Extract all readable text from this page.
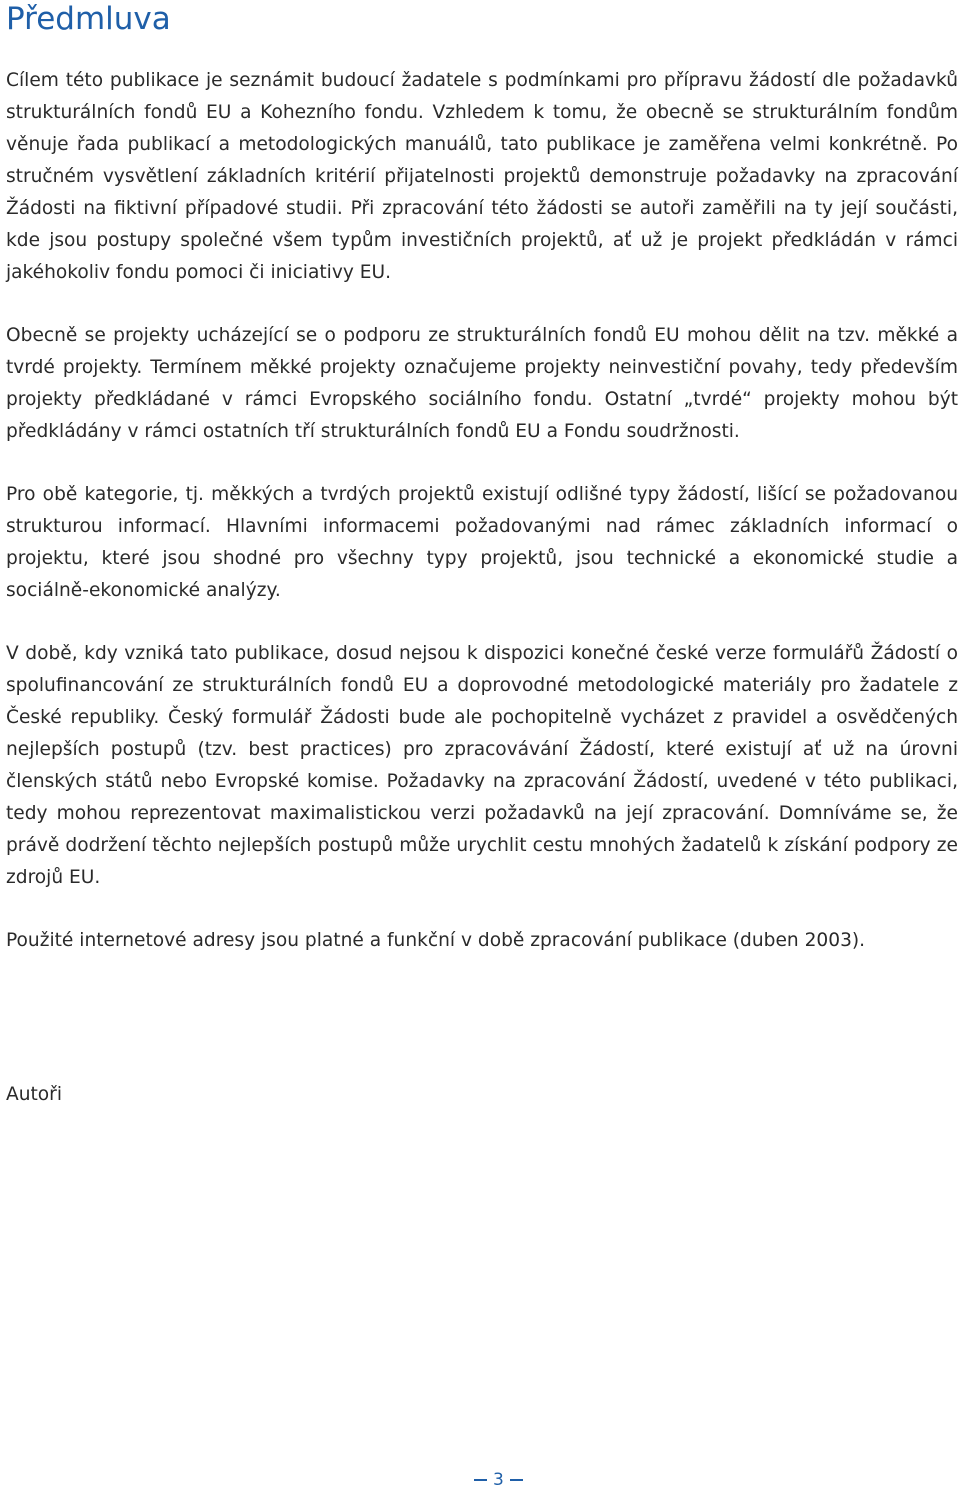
Předmluva

Cílem této publikace je seznámit budoucí žadatele s podmínkami pro přípravu žádostí dle požadavků strukturálních fondů EU a Kohezního fondu. Vzhledem k tomu, že obecně se strukturálním fondům věnuje řada publikací a metodologických manuálů, tato publikace je zaměřena velmi konkrétně. Po stručném vysvětlení základních kritérií přijatelnosti projektů demonstruje požadavky na zpracování Žádosti na fiktivní případové studii. Při zpracování této žádosti se autoři zaměřili na ty její součásti, kde jsou postupy společné všem typům investičních projektů, ať už je projekt předkládán v rámci jakéhokoliv fondu pomoci či iniciativy EU.

Obecně se projekty ucházející se o podporu ze strukturálních fondů EU mohou dělit na tzv. měkké a tvrdé projekty. Termínem měkké projekty označujeme projekty neinvestiční povahy, tedy především projekty předkládané v rámci Evropského sociálního fondu. Ostatní „tvrdé“ projekty mohou být předkládány v rámci ostatních tří strukturálních fondů EU a Fondu soudržnosti.

Pro obě kategorie, tj. měkkých a tvrdých projektů existují odlišné typy žádostí, lišící se požadovanou strukturou informací. Hlavními informacemi požadovanými nad rámec základních informací o projektu, které jsou shodné pro všechny typy projektů, jsou technické a ekonomické studie a sociálně-ekonomické analýzy.

V době, kdy vzniká tato publikace, dosud nejsou k dispozici konečné české verze formulářů Žádostí o spolufinancování ze strukturálních fondů EU a doprovodné metodologické materiály pro žadatele z České republiky. Český formulář Žádosti bude ale pochopitelně vycházet z pravidel a osvědčených nejlepších postupů (tzv. best practices) pro zpracovávání Žádostí, které existují ať už na úrovni členských států nebo Evropské komise. Požadavky na zpracování Žádostí, uvedené v této publikaci, tedy mohou reprezentovat maximalistickou verzi požadavků na její zpracování. Domníváme se, že právě dodržení těchto nejlepších postupů může urychlit cestu mnohých žadatelů k získání podpory ze zdrojů EU.

Použité internetové adresy jsou platné a funkční v době zpracování publikace (duben 2003).

Autoři

3
